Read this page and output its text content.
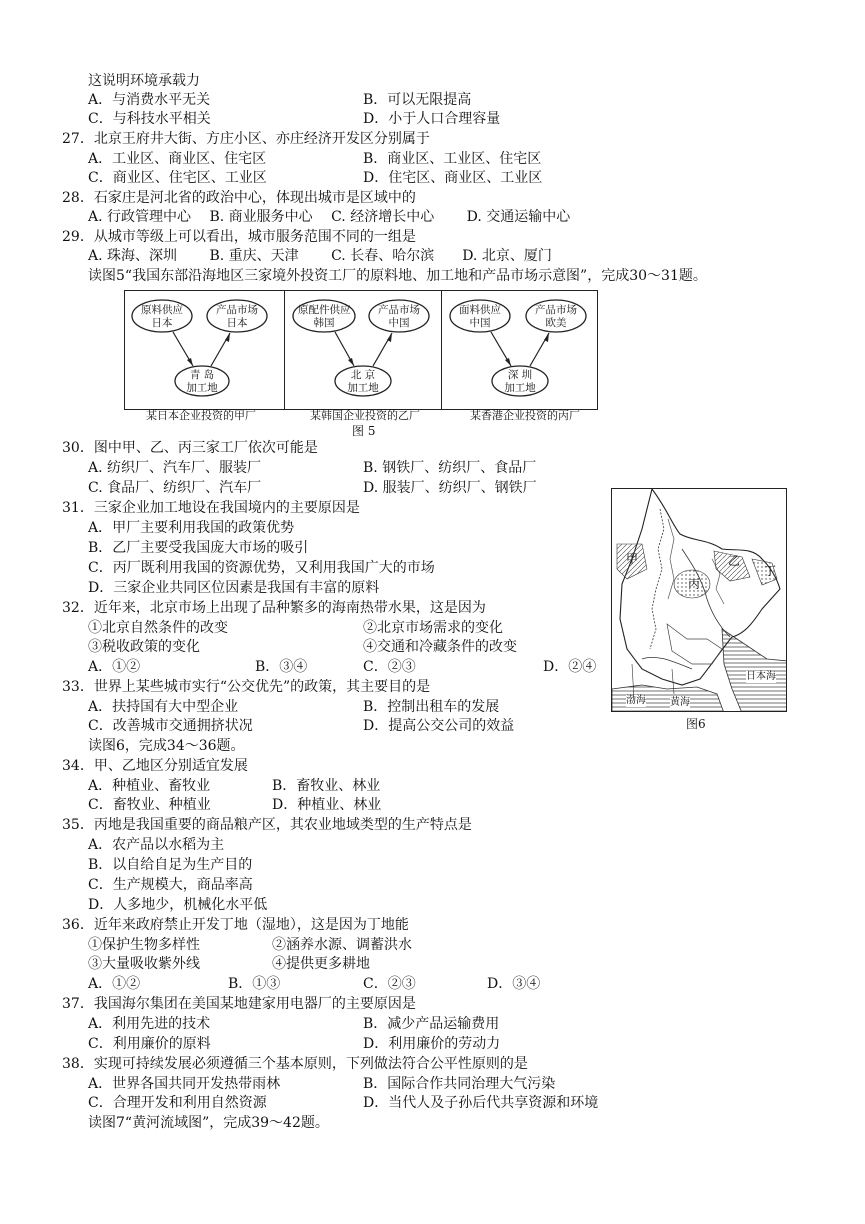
这说明环境承载力
A．与消费水平无关	B．可以无限提高
C．与科技水平相关	D．小于人口合理容量
27．北京王府井大街、方庄小区、亦庄经济开发区分别属于
A．工业区、商业区、住宅区	B．商业区、工业区、住宅区
C．商业区、住宅区、工业区	D．住宅区、商业区、工业区
28．石家庄是河北省的政治中心，体现出城市是区域中的
A. 行政管理中心　 B. 商业服务中心　 C. 经济增长中心　　 D. 交通运输中心
29．从城市等级上可以看出，城市服务范围不同的一组是
A. 珠海、深圳　　 B. 重庆、天津　　 C. 长春、哈尔滨　　D. 北京、厦门
读图5“我国东部沿海地区三家境外投资工厂的原料地、加工地和产品市场示意图”，完成30～31题。
30．图中甲、乙、丙三家工厂依次可能是
A. 纺织厂、汽车厂、服装厂	B. 钢铁厂、纺织厂、食品厂
C. 食品厂、纺织厂、汽车厂	D. 服装厂、纺织厂、钢铁厂
31．三家企业加工地设在我国境内的主要原因是
A．甲厂主要利用我国的政策优势
B．乙厂主要受我国庞大市场的吸引
C．丙厂既利用我国的资源优势，又利用我国广大的市场
D．三家企业共同区位因素是我国有丰富的原料
32．近年来，北京市场上出现了品种繁多的海南热带水果，这是因为
①北京自然条件的改变	②北京市场需求的变化
③税收政策的变化	④交通和冷藏条件的改变
A．①②	B．③④	C．②③	D．②④
33．世界上某些城市实行“公交优先”的政策，其主要目的是
A．扶持国有大中型企业	B．控制出租车的发展
C．改善城市交通拥挤状况	D．提高公交公司的效益
读图6，完成34～36题。
34．甲、乙地区分别适宜发展
A．种植业、畜牧业	B．畜牧业、林业
C．畜牧业、种植业	D．种植业、林业
35．丙地是我国重要的商品粮产区，其农业地域类型的生产特点是
A．农产品以水稻为主
B．以自给自足为生产目的
C．生产规模大，商品率高
D．人多地少，机械化水平低
36．近年来政府禁止开发丁地（湿地），这是因为丁地能
①保护生物多样性	②涵养水源、调蓄洪水
③大量吸收紫外线	④提供更多耕地
A．①②	B．①③	C．②③	D．③④
37．我国海尔集团在美国某地建家用电器厂的主要原因是
A．利用先进的技术	B．减少产品运输费用
C．利用廉价的原料	D．利用廉价的劳动力
38．实现可持续发展必须遵循三个基本原则，下列做法符合公平性原则的是
A．世界各国共同开发热带雨林	B．国际合作共同治理大气污染
C．合理开发和利用自然资源	D．当代人及子孙后代共享资源和环境
读图7“黄河流域图”，完成39～42题。
原料供应
日本
产品市场
日本
青 岛
加工地
原配件供应
韩国
产品市场
中国
北 京
加工地
面料供应
中国
产品市场
欧美
深 圳
加工地
某日本企业投资的甲厂	某韩国企业投资的乙厂	某香港企业投资的丙厂
图 5
甲
丙
乙
丁
渤海 黄海
日本海
图6
